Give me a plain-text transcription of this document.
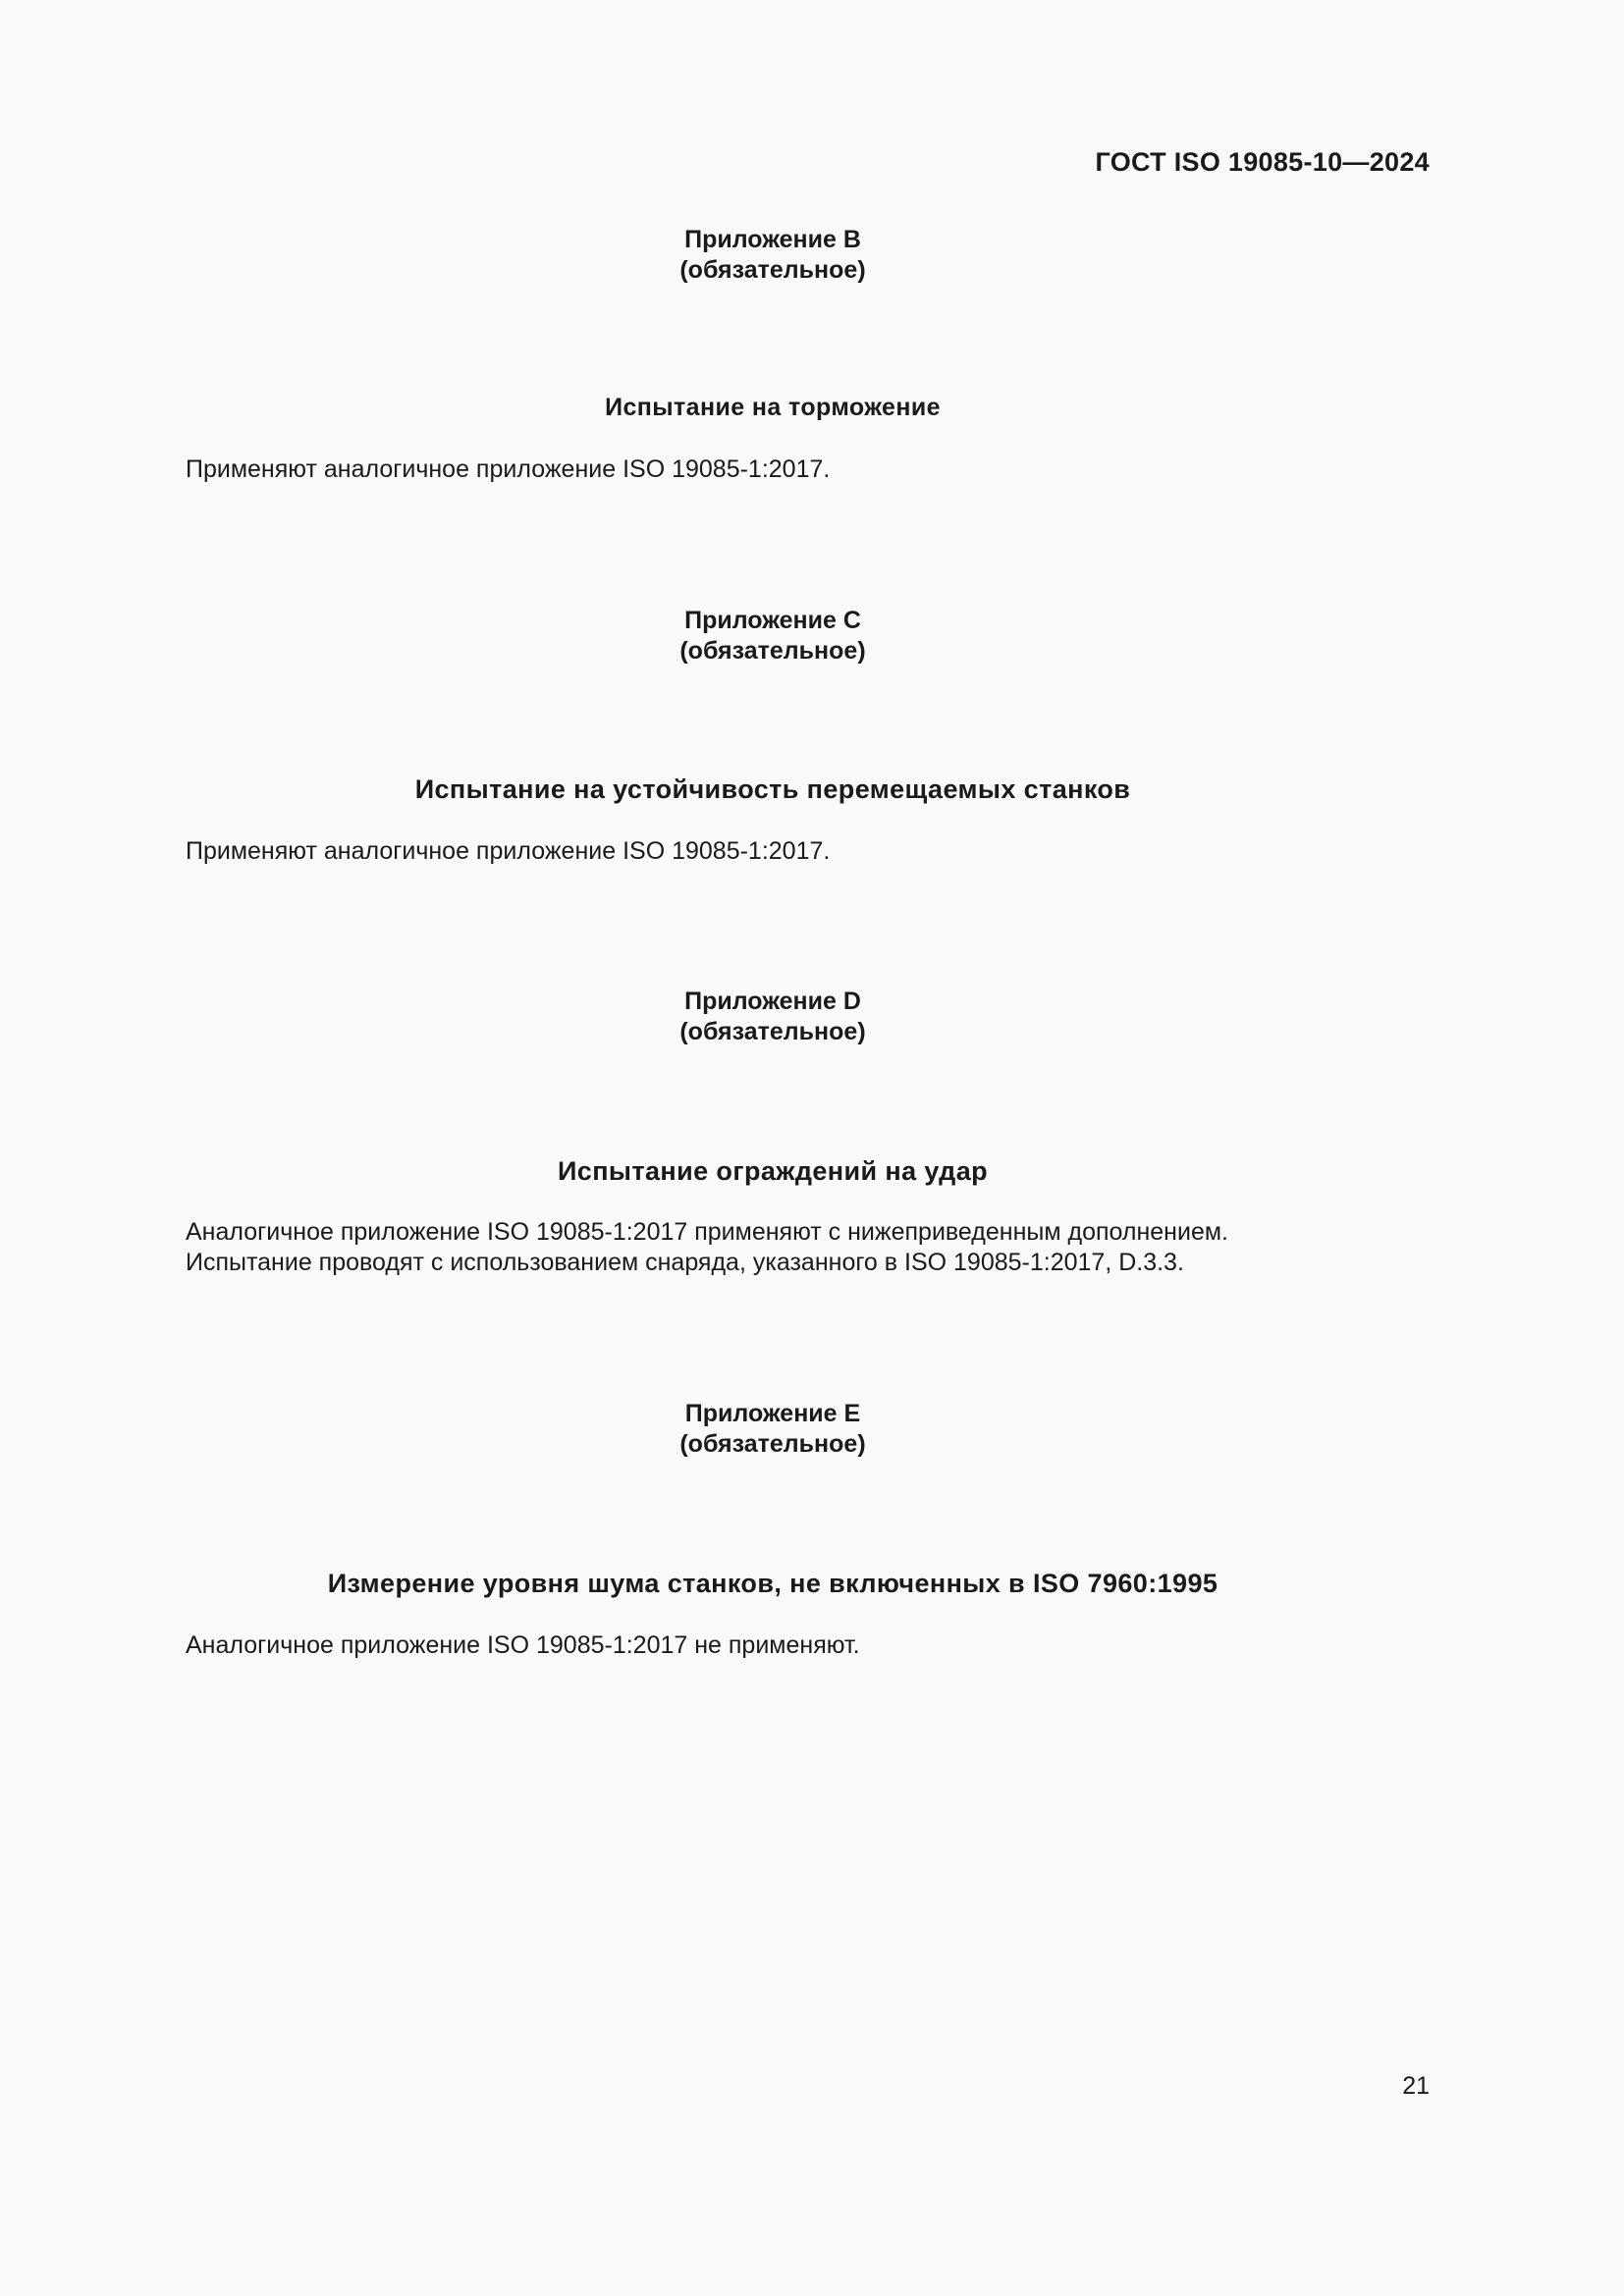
ГОСТ ISO 19085-10—2024
Приложение B
(обязательное)
Испытание на торможение
Применяют аналогичное приложение ISO 19085-1:2017.
Приложение C
(обязательное)
Испытание на устойчивость перемещаемых станков
Применяют аналогичное приложение ISO 19085-1:2017.
Приложение D
(обязательное)
Испытание ограждений на удар
Аналогичное приложение ISO 19085-1:2017 применяют с нижеприведенным дополнением.
Испытание проводят с использованием снаряда, указанного в ISO 19085-1:2017, D.3.3.
Приложение E
(обязательное)
Измерение уровня шума станков, не включенных в ISO 7960:1995
Аналогичное приложение ISO 19085-1:2017 не применяют.
21
